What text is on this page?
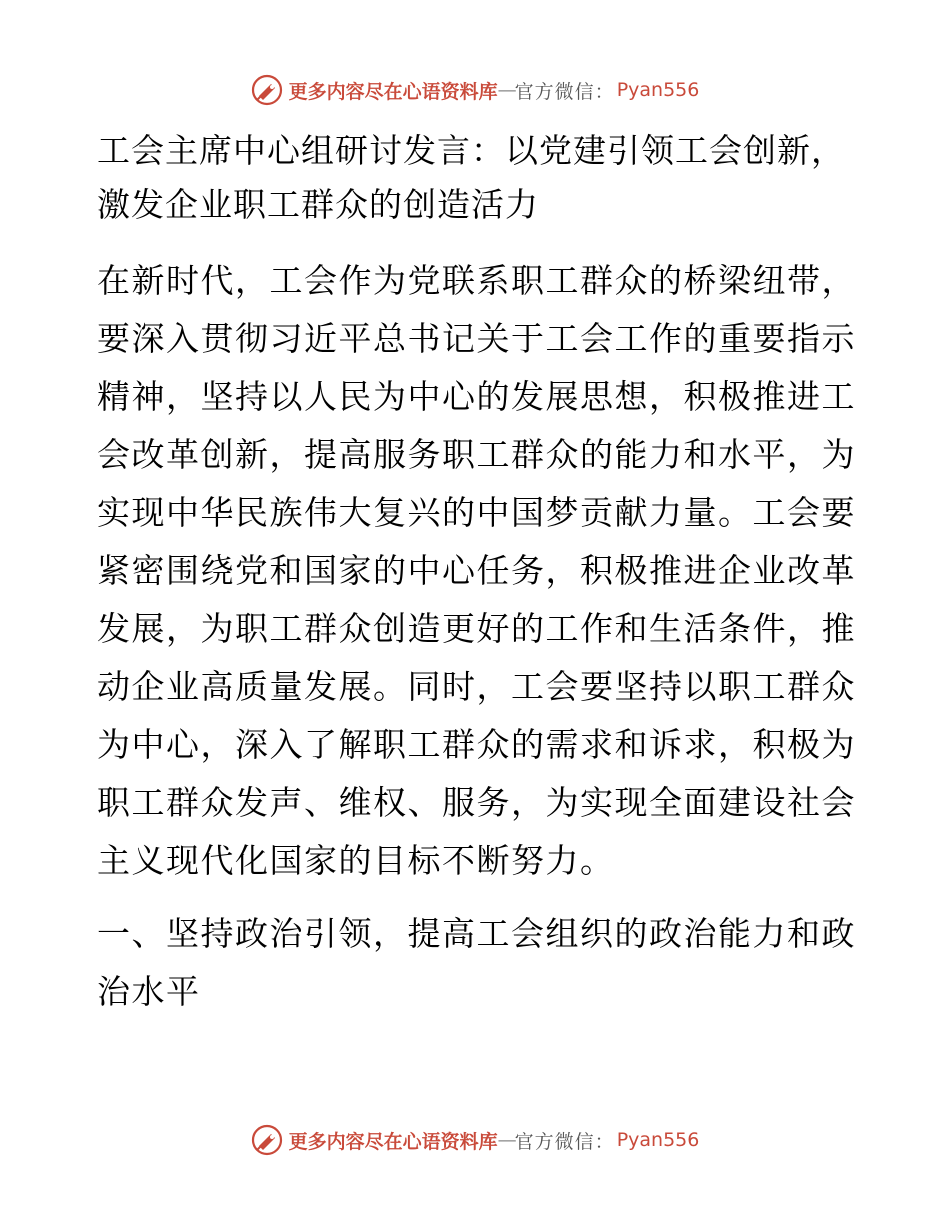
更多内容尽在心语资料库 — 官方微信： Pyan556
工会主席中心组研讨发言：以党建引领工会创新，激发企业职工群众的创造活力

在新时代，工会作为党联系职工群众的桥梁纽带，要深入贯彻习近平总书记关于工会工作的重要指示精神，坚持以人民为中心的发展思想，积极推进工会改革创新，提高服务职工群众的能力和水平，为实现中华民族伟大复兴的中国梦贡献力量。工会要紧密围绕党和国家的中心任务，积极推进企业改革发展，为职工群众创造更好的工作和生活条件，推动企业高质量发展。同时，工会要坚持以职工群众为中心，深入了解职工群众的需求和诉求，积极为职工群众发声、维权、服务，为实现全面建设社会主义现代化国家的目标不断努力。

一、坚持政治引领，提高工会组织的政治能力和政治水平
更多内容尽在心语资料库 — 官方微信： Pyan556
